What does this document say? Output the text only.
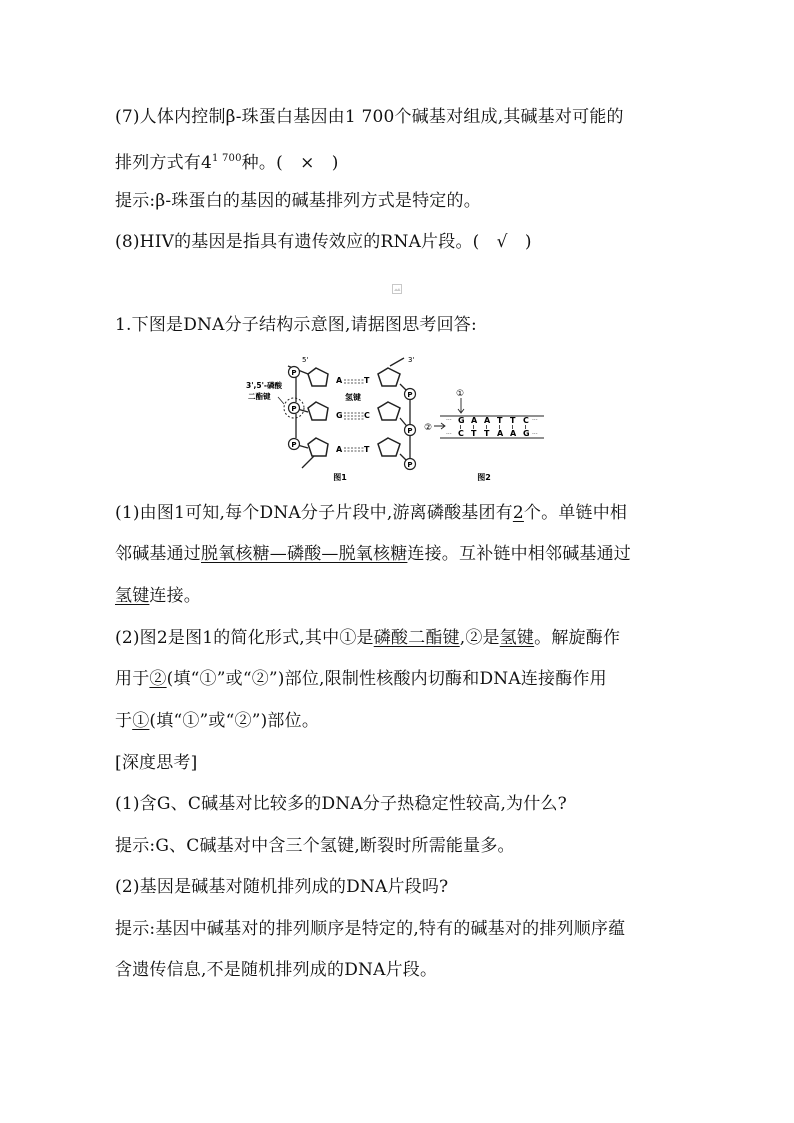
(7)人体内控制β-珠蛋白基因由1 700个碱基对组成,其碱基对可能的
排列方式有$4^{1 700}$种。(　×　)
提示:β-珠蛋白的基因的碱基排列方式是特定的。
(8)HIV的基因是指具有遗传效应的RNA片段。(　√　)
1.下图是DNA分子结构示意图,请据图思考回答:
P
P
P
5'
3',5'-磷酸
二酯键
A	T
氢键
G	C
A	T
P
P
P
3'
图1
①
②
···
···
G A A T T C
C T T A A G
···
···
图2
(1)由图1可知,每个DNA分子片段中,游离磷酸基团有2个。单链中相
邻碱基通过脱氧核糖—磷酸—脱氧核糖连接。互补链中相邻碱基通过
氢键连接。
(2)图2是图1的简化形式,其中①是磷酸二酯键,②是氢键。解旋酶作
用于②(填“①”或“②”)部位,限制性核酸内切酶和DNA连接酶作用
于①(填“①”或“②”)部位。
[深度思考]
(1)含G、C碱基对比较多的DNA分子热稳定性较高,为什么?
提示:G、C碱基对中含三个氢键,断裂时所需能量多。
(2)基因是碱基对随机排列成的DNA片段吗?
提示:基因中碱基对的排列顺序是特定的,特有的碱基对的排列顺序蕴
含遗传信息,不是随机排列成的DNA片段。
